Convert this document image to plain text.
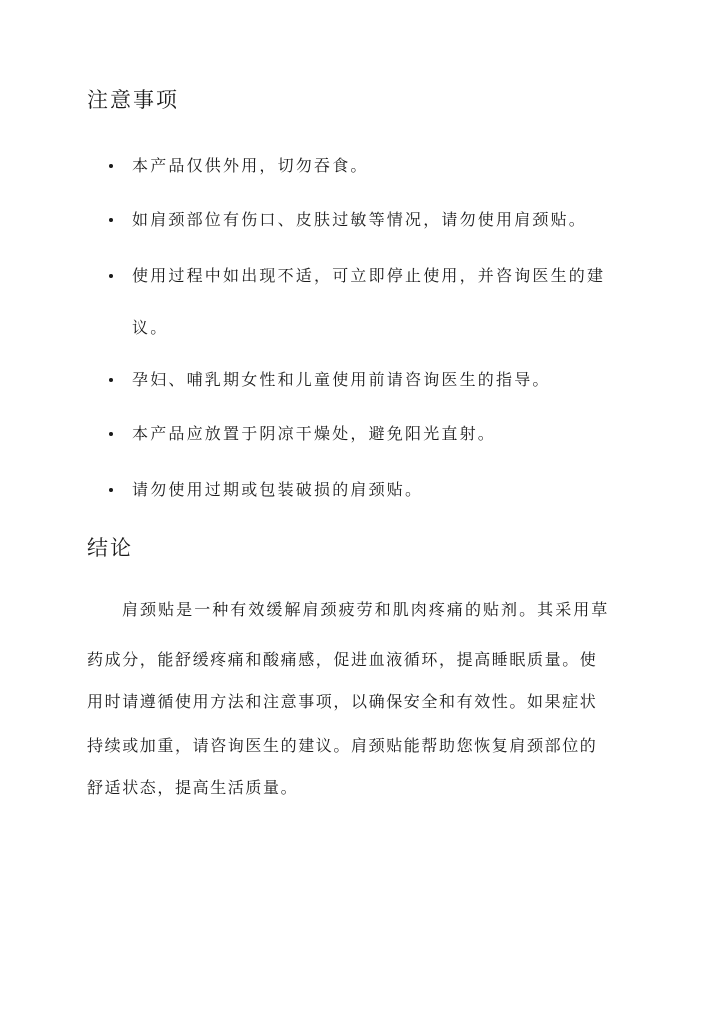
注意事项
本产品仅供外用，切勿吞食。
如肩颈部位有伤口、皮肤过敏等情况，请勿使用肩颈贴。
使用过程中如出现不适，可立即停止使用，并咨询医生的建
议。
孕妇、哺乳期女性和儿童使用前请咨询医生的指导。
本产品应放置于阴凉干燥处，避免阳光直射。
请勿使用过期或包装破损的肩颈贴。
结论
肩颈贴是一种有效缓解肩颈疲劳和肌肉疼痛的贴剂。其采用草
药成分，能舒缓疼痛和酸痛感，促进血液循环，提高睡眠质量。使
用时请遵循使用方法和注意事项，以确保安全和有效性。如果症状
持续或加重，请咨询医生的建议。肩颈贴能帮助您恢复肩颈部位的
舒适状态，提高生活质量。
